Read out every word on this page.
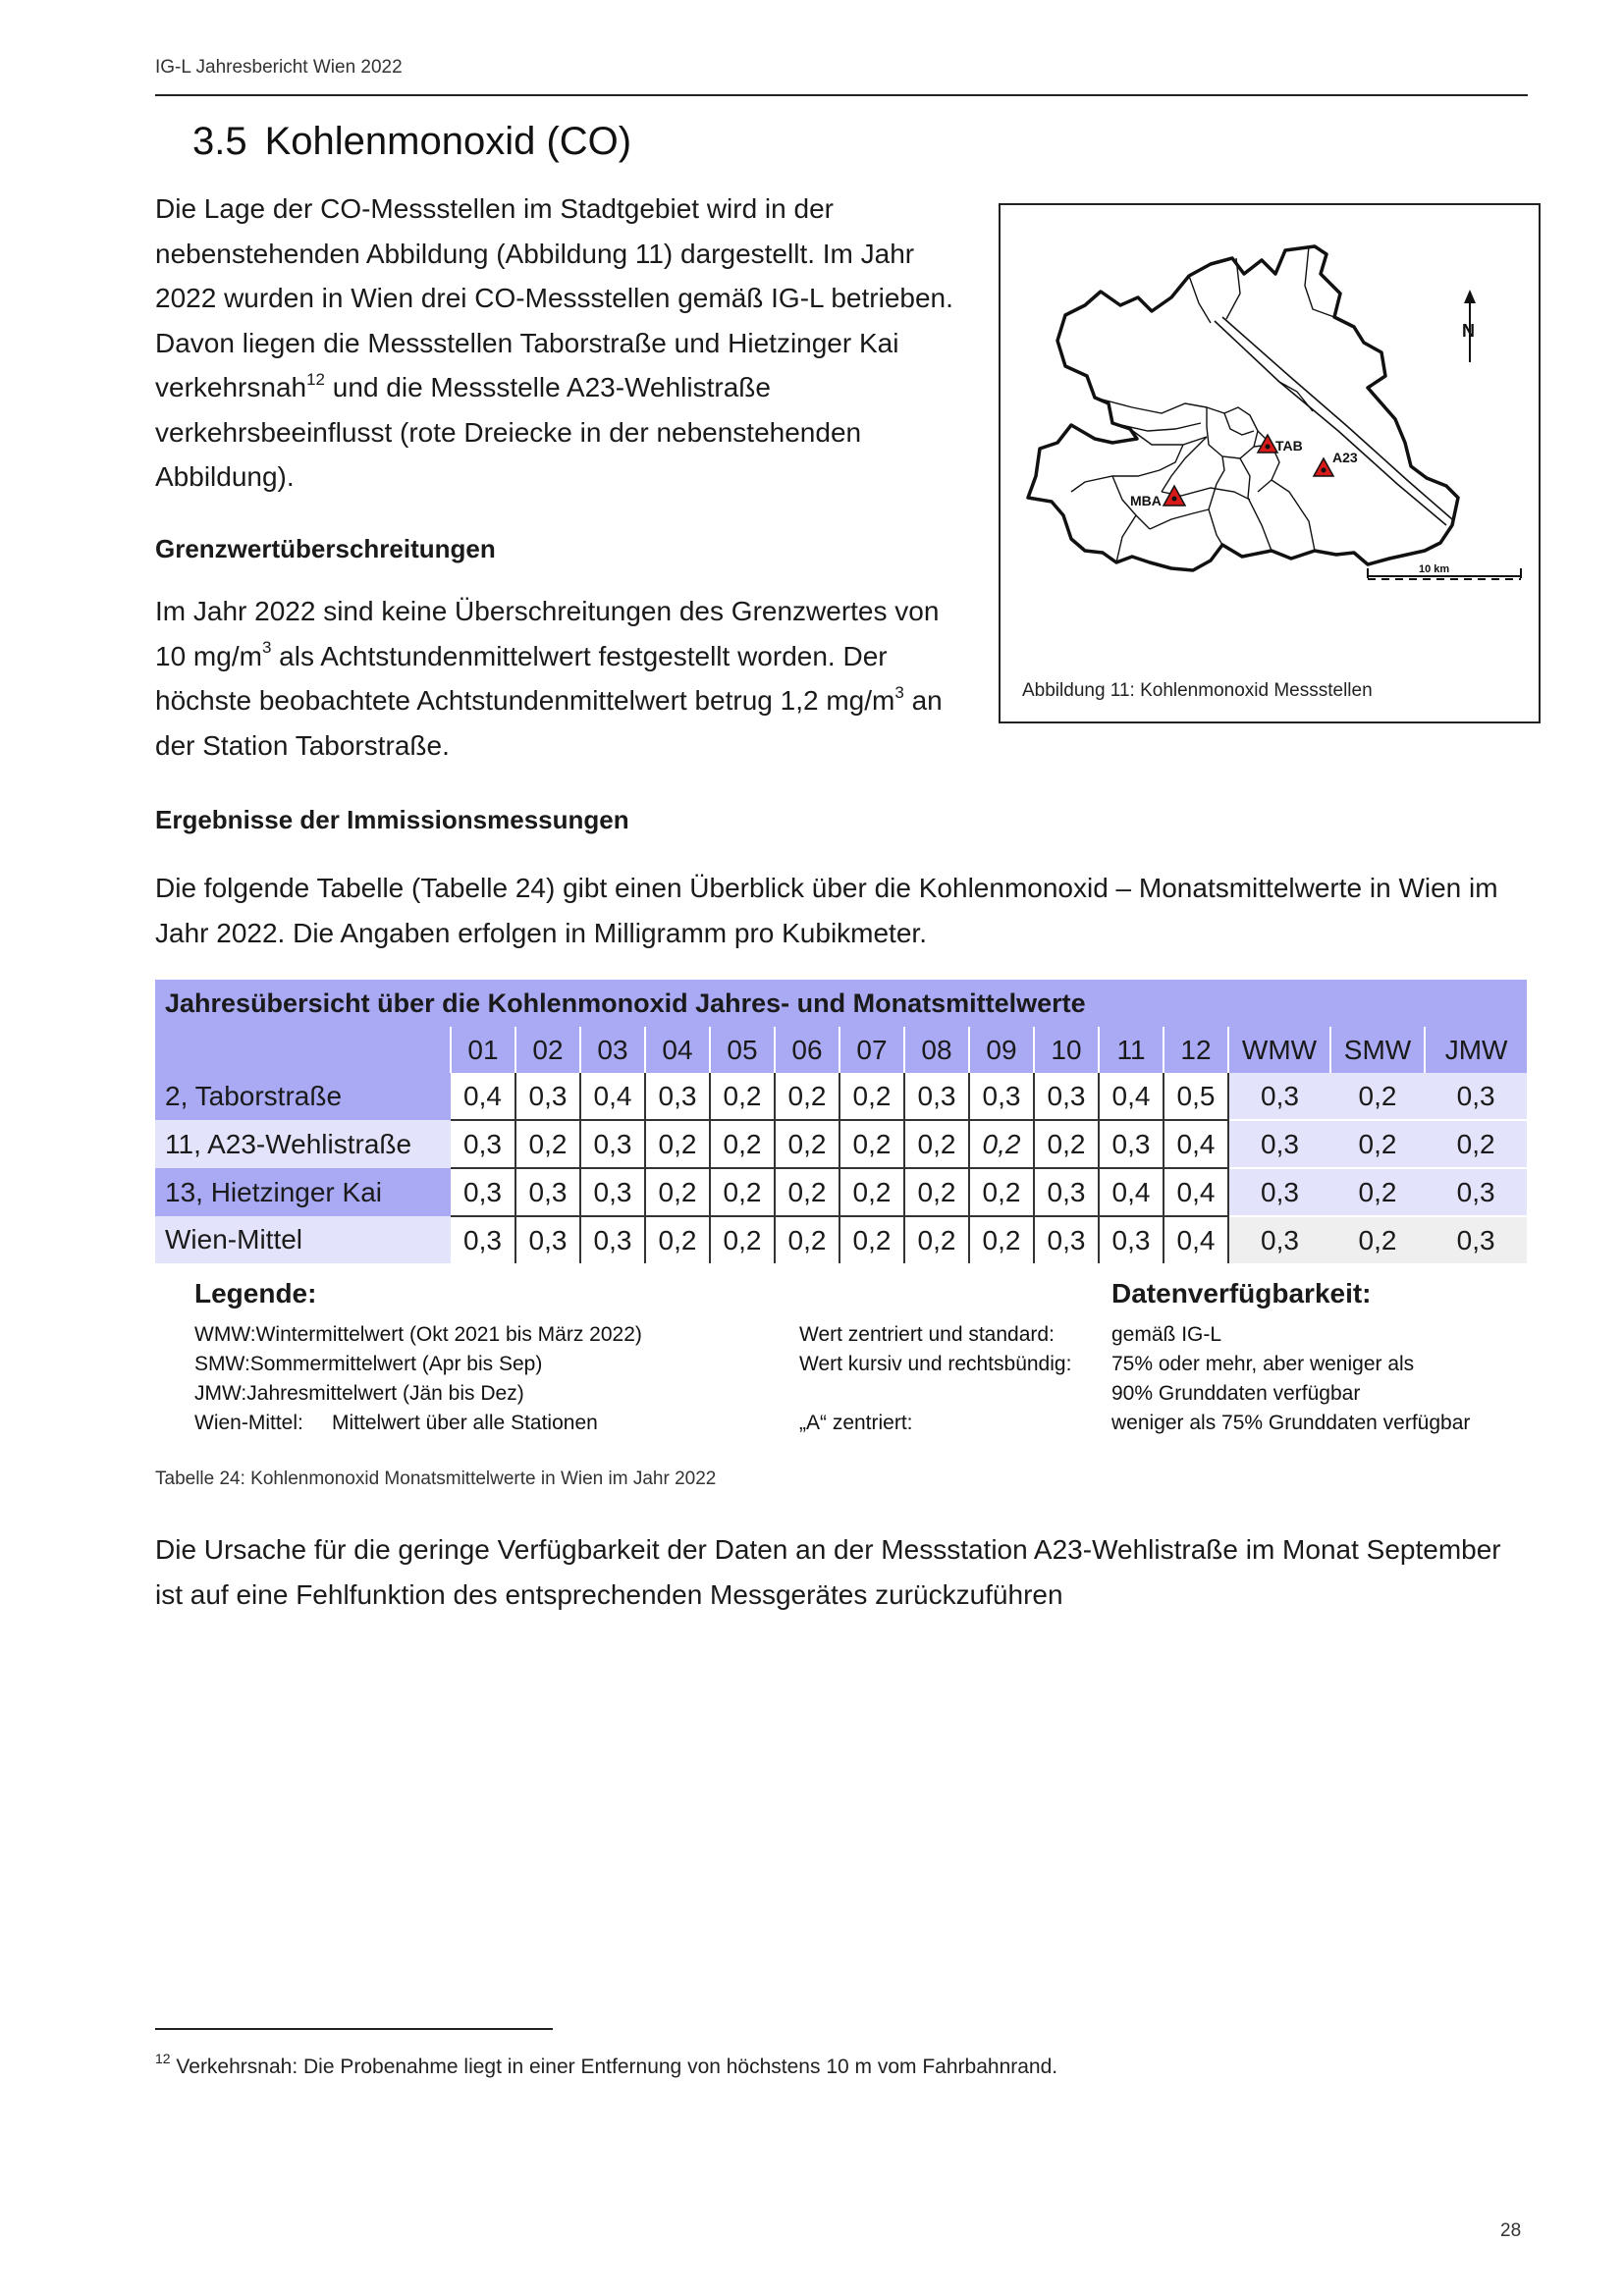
IG-L Jahresbericht Wien 2022
3.5 Kohlenmonoxid (CO)
Die Lage der CO-Messstellen im Stadtgebiet wird in der nebenstehenden Abbildung (Abbildung 11) dargestellt. Im Jahr 2022 wurden in Wien drei CO-Messstellen gemäß IG-L betrieben. Davon liegen die Messstellen Taborstraße und Hietzinger Kai verkehrsnah$^{12}$ und die Messstelle A23-Wehlistraße verkehrsbeeinflusst (rote Dreiecke in der nebenstehenden Abbildung).
N
10 km
TAB
A23
MBA
Abbildung 11: Kohlenmonoxid Messstellen
Grenzwertüberschreitungen
Im Jahr 2022 sind keine Überschreitungen des Grenzwertes von 10 $mg/m^3$ als Achtstundenmittelwert festgestellt worden. Der höchste beobachtete Achtstundenmittelwert betrug 1,2 $mg/m^3$ an der Station Taborstraße.
Ergebnisse der Immissionsmessungen
Die folgende Tabelle (Tabelle 24) gibt einen Überblick über die Kohlenmonoxid – Monatsmittelwerte in Wien im Jahr 2022. Die Angaben erfolgen in Milligramm pro Kubikmeter.
Jahresübersicht über die Kohlenmonoxid Jahres- und Monatsmittelwerte															
	01	02	03	04	05	06	07	08	09	10	11	12	WMW	SMW	JMW
2, Taborstraße	0,4	0,3	0,4	0,3	0,2	0,2	0,2	0,3	0,3	0,3	0,4	0,5	0,3	0,2	0,3
11, A23-Wehlistraße	0,3	0,2	0,3	0,2	0,2	0,2	0,2	0,2	0,2	0,2	0,3	0,4	0,3	0,2	0,2
13, Hietzinger Kai	0,3	0,3	0,3	0,2	0,2	0,2	0,2	0,2	0,2	0,3	0,4	0,4	0,3	0,2	0,3
Wien-Mittel	0,3	0,3	0,3	0,2	0,2	0,2	0,2	0,2	0,2	0,3	0,3	0,4	0,3	0,2	0,3
Legende:
WMW:Wintermittelwert (Okt 2021 bis März 2022)
SMW:Sommermittelwert (Apr bis Sep)
JMW:Jahresmittelwert (Jän bis Dez)
Wien-Mittel: Mittelwert über alle Stationen
Wert zentriert und standard:
Wert kursiv und rechtsbündig:
„A“ zentriert:
Datenverfügbarkeit:
gemäß IG-L
75% oder mehr, aber weniger als
90% Grunddaten verfügbar
weniger als 75% Grunddaten verfügbar
Tabelle 24: Kohlenmonoxid Monatsmittelwerte in Wien im Jahr 2022
Die Ursache für die geringe Verfügbarkeit der Daten an der Messstation A23-Wehlistraße im Monat September ist auf eine Fehlfunktion des entsprechenden Messgerätes zurückzuführen
$^{12}$ Verkehrsnah: Die Probenahme liegt in einer Entfernung von höchstens 10 m vom Fahrbahnrand.
28
